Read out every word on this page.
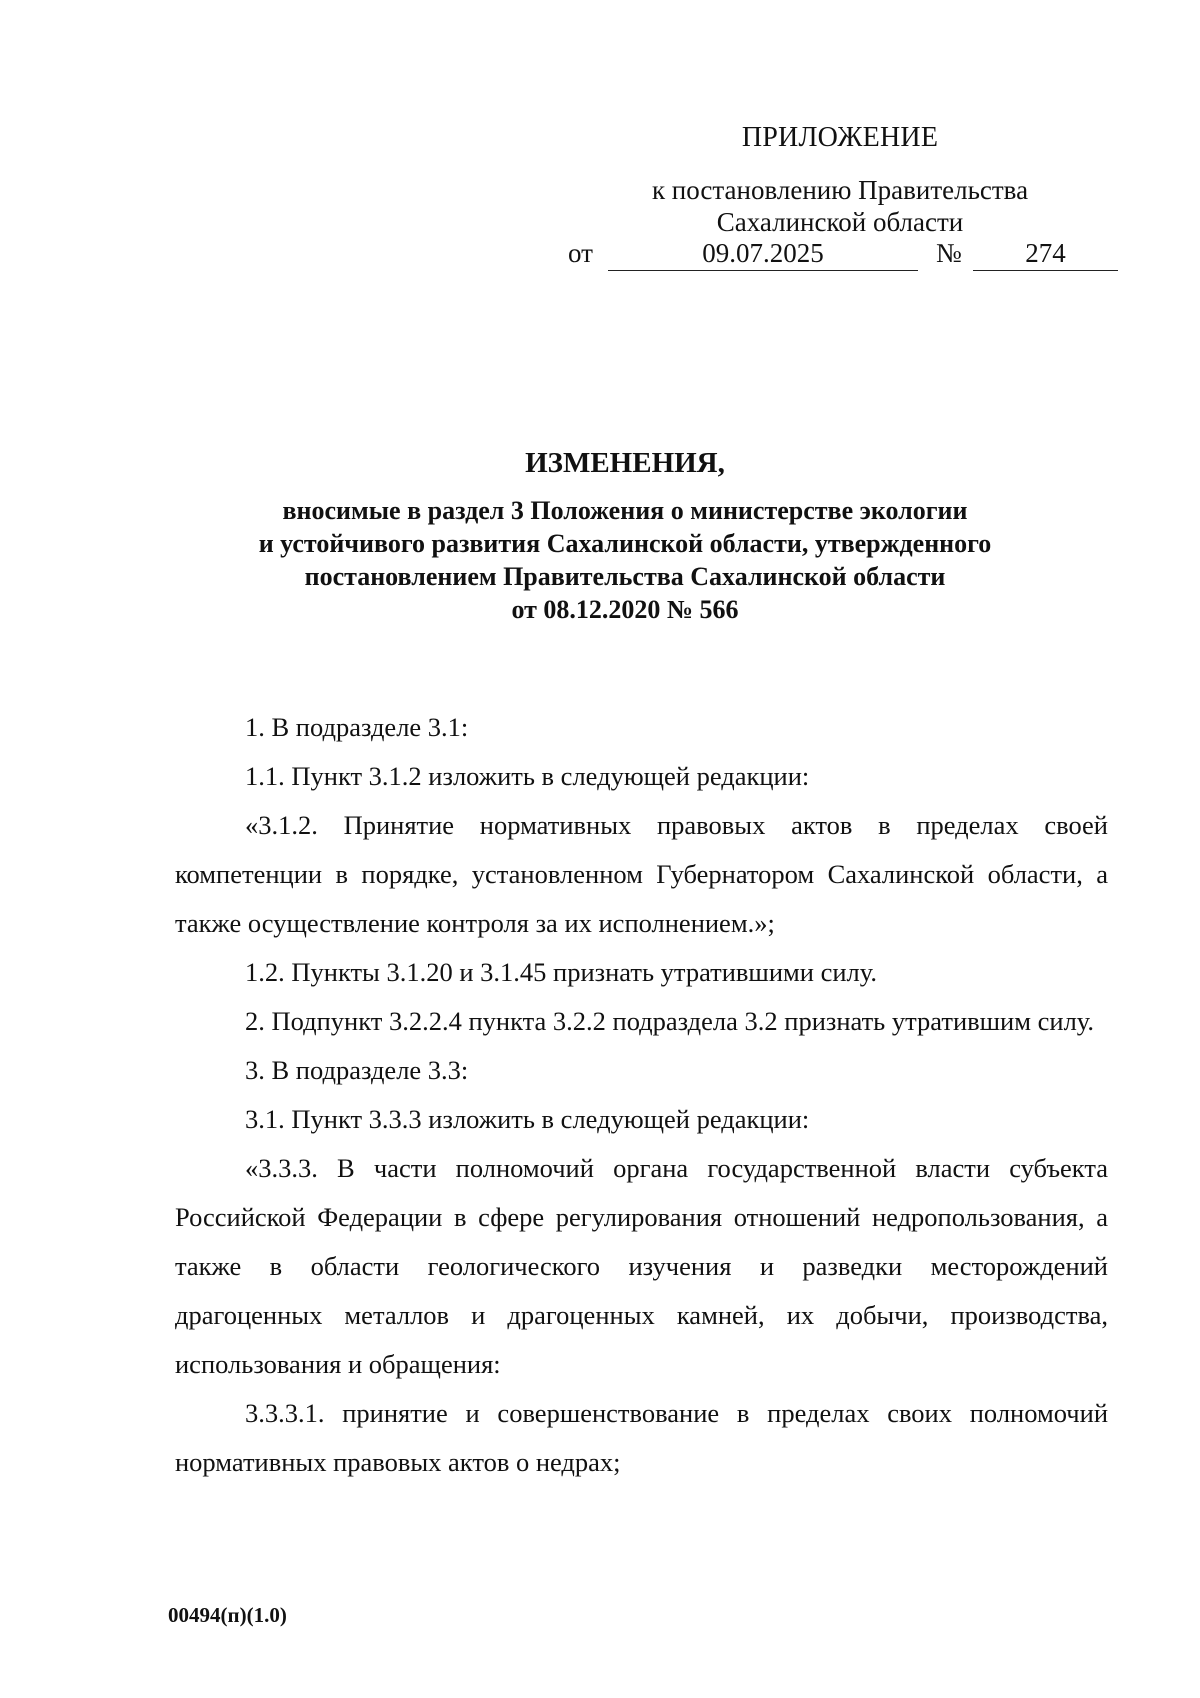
ПРИЛОЖЕНИЕ
к постановлению Правительства
Сахалинской области
от	09.07.2025	№	274
ИЗМЕНЕНИЯ,
вносимые в раздел 3 Положения о министерстве экологии
и устойчивого развития Сахалинской области, утвержденного
постановлением Правительства Сахалинской области
от 08.12.2020 № 566

1. В подразделе 3.1:

1.1. Пункт 3.1.2 изложить в следующей редакции:

«3.1.2. Принятие нормативных правовых актов в пределах своей компетенции в порядке, установленном Губернатором Сахалинской области, а также осуществление контроля за их исполнением.»;

1.2. Пункты 3.1.20 и 3.1.45 признать утратившими силу.

2. Подпункт 3.2.2.4 пункта 3.2.2 подраздела 3.2 признать утратившим силу.

3. В подразделе 3.3:

3.1. Пункт 3.3.3 изложить в следующей редакции:

«3.3.3. В части полномочий органа государственной власти субъекта Российской Федерации в сфере регулирования отношений недропользования, а также в области геологического изучения и разведки месторождений драгоценных металлов и драгоценных камней, их добычи, производства, использования и обращения:

3.3.3.1. принятие и совершенствование в пределах своих полномочий нормативных правовых актов о недрах;

00494(п)(1.0)
